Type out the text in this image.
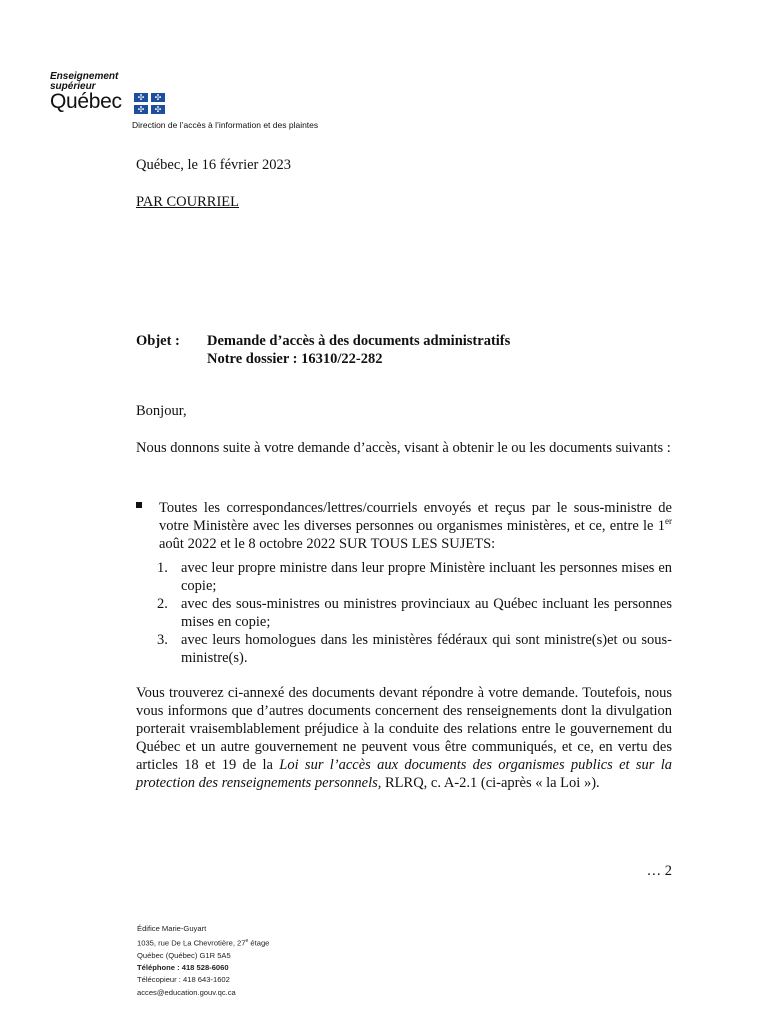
Enseignement
supérieur
Québec	✣	✣
✣	✣
Direction de l’accès à l’information et des plaintes
Québec, le 16 février 2023
PAR COURRIEL
Objet :	Demande d’accès à des documents administratifs
Notre dossier : 16310/22-282
Bonjour,
Nous donnons suite à votre demande d’accès, visant à obtenir le ou les documents suivants :
Toutes les correspondances/lettres/courriels envoyés et reçus par le sous-ministre de votre Ministère avec les diverses personnes ou organismes ministères, et ce, entre le 1er août 2022 et le 8 octobre 2022 SUR TOUS LES SUJETS:
1. avec leur propre ministre dans leur propre Ministère incluant les personnes mises en copie;
2. avec des sous-ministres ou ministres provinciaux au Québec incluant les personnes mises en copie;
3. avec leurs homologues dans les ministères fédéraux qui sont ministre(s)et ou sous-ministre(s).
Vous trouverez ci-annexé des documents devant répondre à votre demande. Toutefois, nous vous informons que d’autres documents concernent des renseignements dont la divulgation porterait vraisemblablement préjudice à la conduite des relations entre le gouvernement du Québec et un autre gouvernement ne peuvent vous être communiqués, et ce, en vertu des articles 18 et 19 de la Loi sur l’accès aux documents des organismes publics et sur la protection des renseignements personnels, RLRQ, c. A-2.1 (ci-après « la Loi »).
… 2
Édifice Marie-Guyart
1035, rue De La Chevrotière, 27e étage
Québec (Québec) G1R 5A5
Téléphone : 418 528-6060
Télécopieur : 418 643-1602
acces@education.gouv.qc.ca
